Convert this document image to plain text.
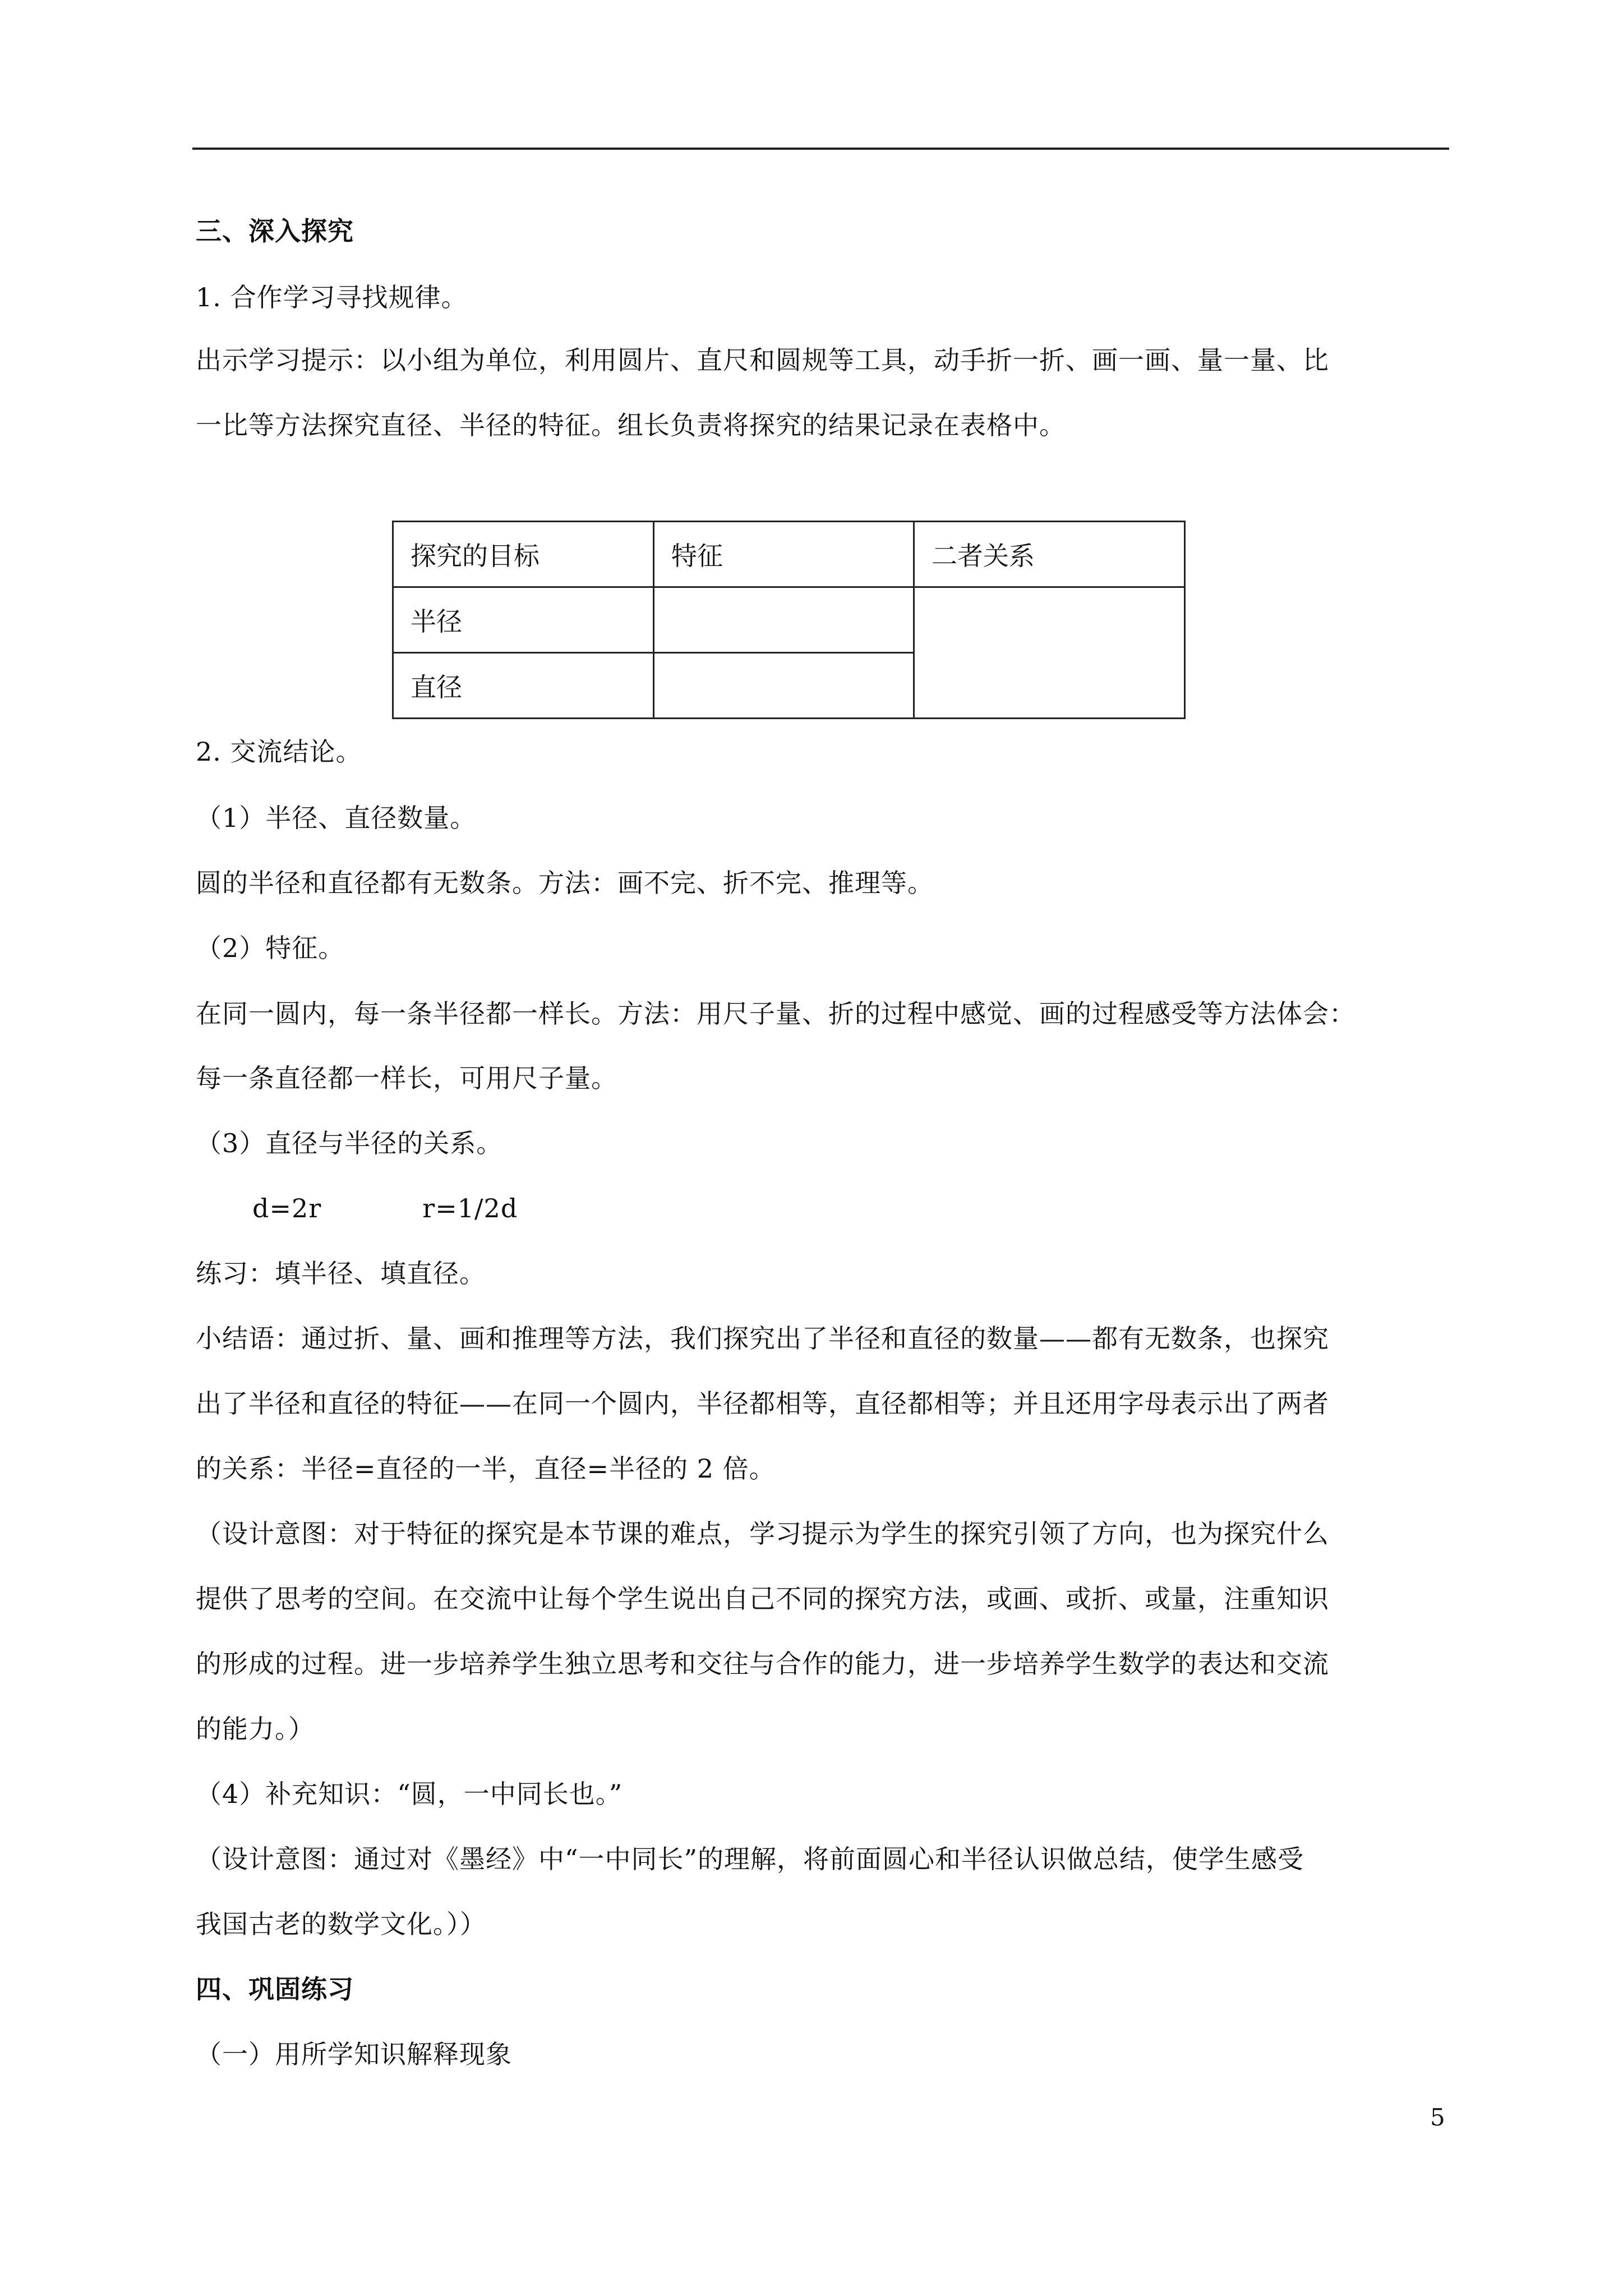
三、深入探究
1. 合作学习寻找规律。
出示学习提示：以小组为单位，利用圆片、直尺和圆规等工具，动手折一折、画一画、量一量、比
一比等方法探究直径、半径的特征。组长负责将探究的结果记录在表格中。
探究的目标	特征	二者关系
半径		
直径		
2. 交流结论。
（1）半径、直径数量。
圆的半径和直径都有无数条。方法：画不完、折不完、推理等。
（2）特征。
在同一圆内，每一条半径都一样长。方法：用尺子量、折的过程中感觉、画的过程感受等方法体会：
每一条直径都一样长，可用尺子量。
（3）直径与半径的关系。
d=2r	r=1/2d
练习：填半径、填直径。
小结语：通过折、量、画和推理等方法，我们探究出了半径和直径的数量——都有无数条，也探究
出了半径和直径的特征——在同一个圆内，半径都相等，直径都相等；并且还用字母表示出了两者
的关系：半径=直径的一半，直径=半径的 2 倍。
（设计意图：对于特征的探究是本节课的难点，学习提示为学生的探究引领了方向，也为探究什么
提供了思考的空间。在交流中让每个学生说出自己不同的探究方法，或画、或折、或量，注重知识
的形成的过程。进一步培养学生独立思考和交往与合作的能力，进一步培养学生数学的表达和交流
的能力。）
（4）补充知识：“圆，一中同长也。”
（设计意图：通过对《墨经》中“一中同长”的理解，将前面圆心和半径认识做总结，使学生感受
我国古老的数学文化。））
四、巩固练习
（一）用所学知识解释现象
5
